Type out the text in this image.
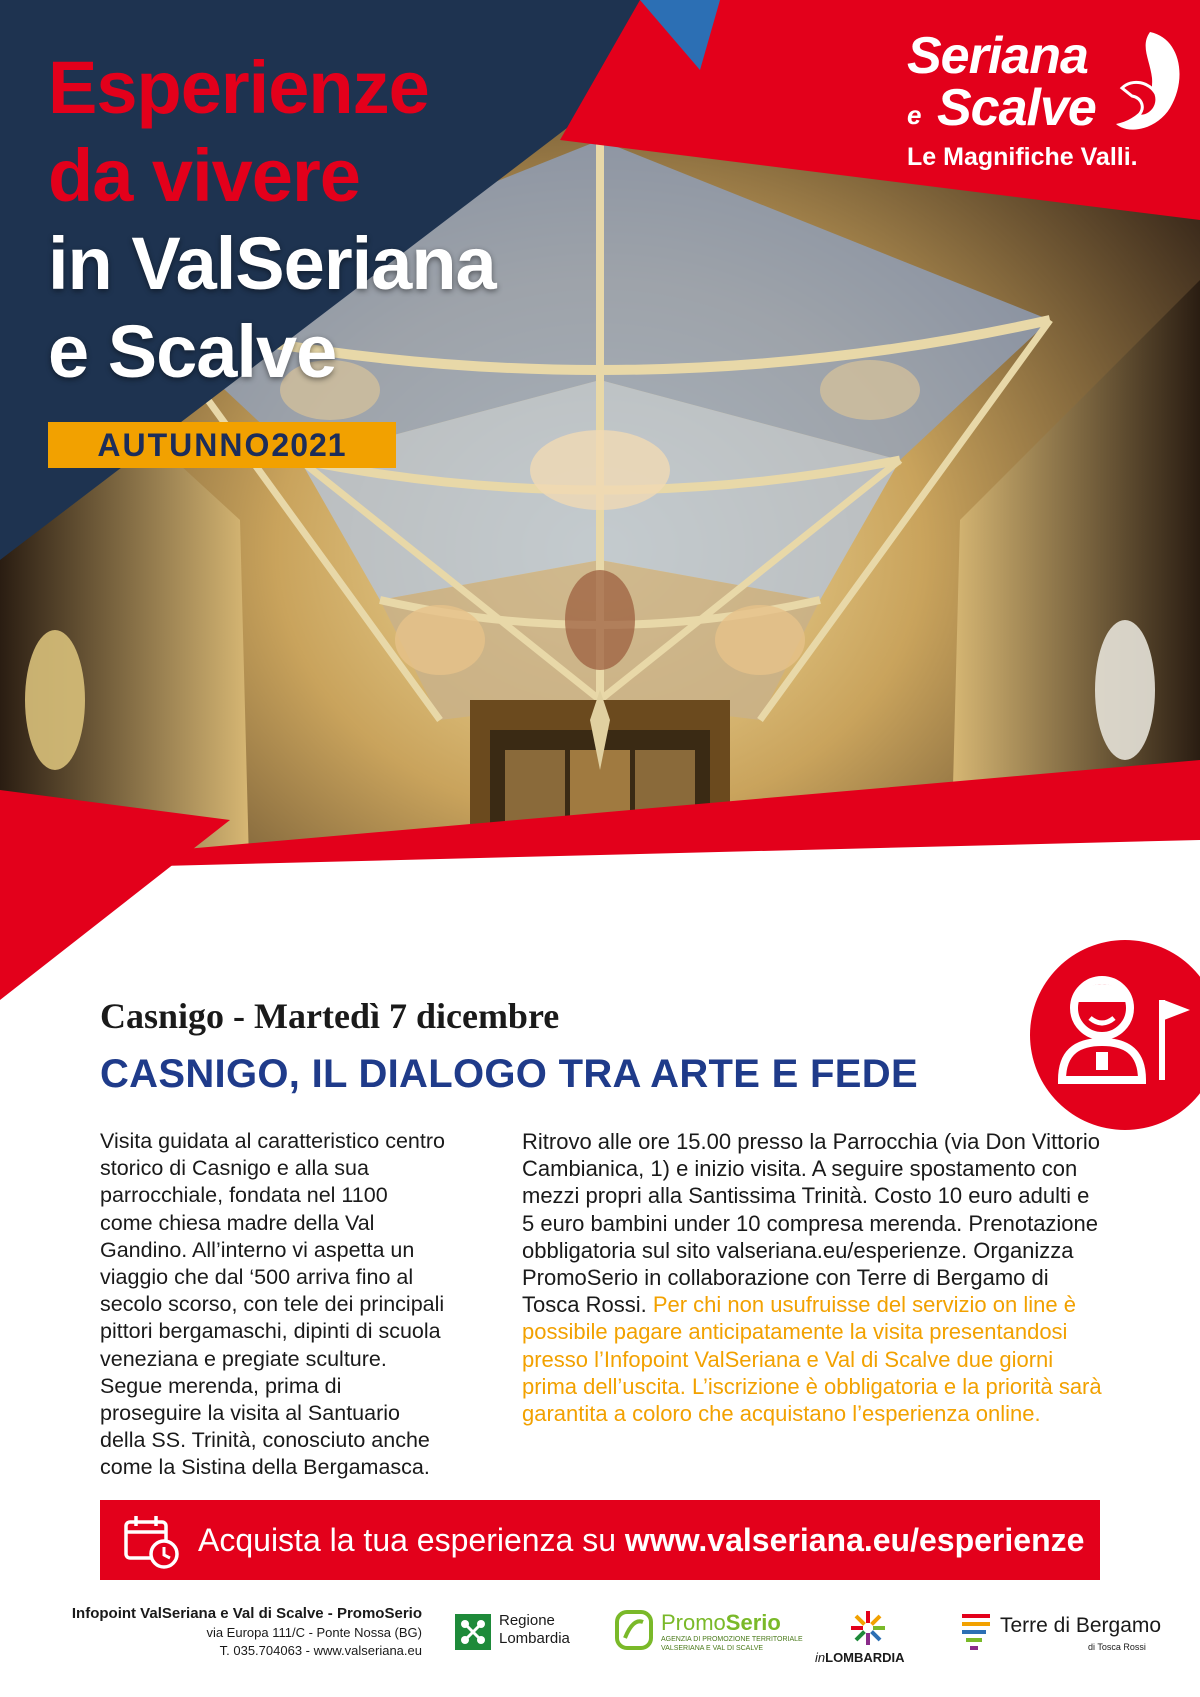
Esperienze
da vivere
in ValSeriana
e Scalve
AUTUNNO2021
Seriana
e Scalve
Le Magnifiche Valli.
Casnigo - Martedì 7 dicembre
CASNIGO, IL DIALOGO TRA ARTE E FEDE

Visita guidata al caratteristico centro storico di Casnigo e alla sua parrocchiale, fondata nel 1100 come chiesa madre della Val Gandino. All’interno vi aspetta un viaggio che dal ‘500 arriva fino al secolo scorso, con tele dei principali pittori bergamaschi, dipinti di scuola veneziana e pregiate sculture. Segue merenda, prima di proseguire la visita al Santuario della SS. Trinità, conosciuto anche come la Sistina della Bergamasca.

Ritrovo alle ore 15.00 presso la Parrocchia (via Don Vittorio Cambianica, 1) e inizio visita. A seguire spostamento con mezzi propri alla Santissima Trinità. Costo 10 euro adulti e 5 euro bambini under 10 compresa merenda. Prenotazione obbligatoria sul sito valseriana.eu/esperienze. Organizza PromoSerio in collaborazione con Terre di Bergamo di Tosca Rossi. Per chi non usufruisse del servizio on line è possibile pagare anticipatamente la visita presentandosi presso l’Infopoint ValSeriana e Val di Scalve due giorni prima dell’uscita. L’iscrizione è obbligatoria e la priorità sarà garantita a coloro che acquistano l’esperienza online.

Acquista la tua esperienza su www.valseriana.eu/esperienze
Infopoint ValSeriana e Val di Scalve - PromoSerio
via Europa 111/C - Ponte Nossa (BG)
T. 035.704063 - www.valseriana.eu
Regione
Lombardia
PromoSerio
AGENZIA DI PROMOZIONE TERRITORIALE
VALSERIANA E VAL DI SCALVE
inLOMBARDIA
Terre di Bergamo
di Tosca Rossi
